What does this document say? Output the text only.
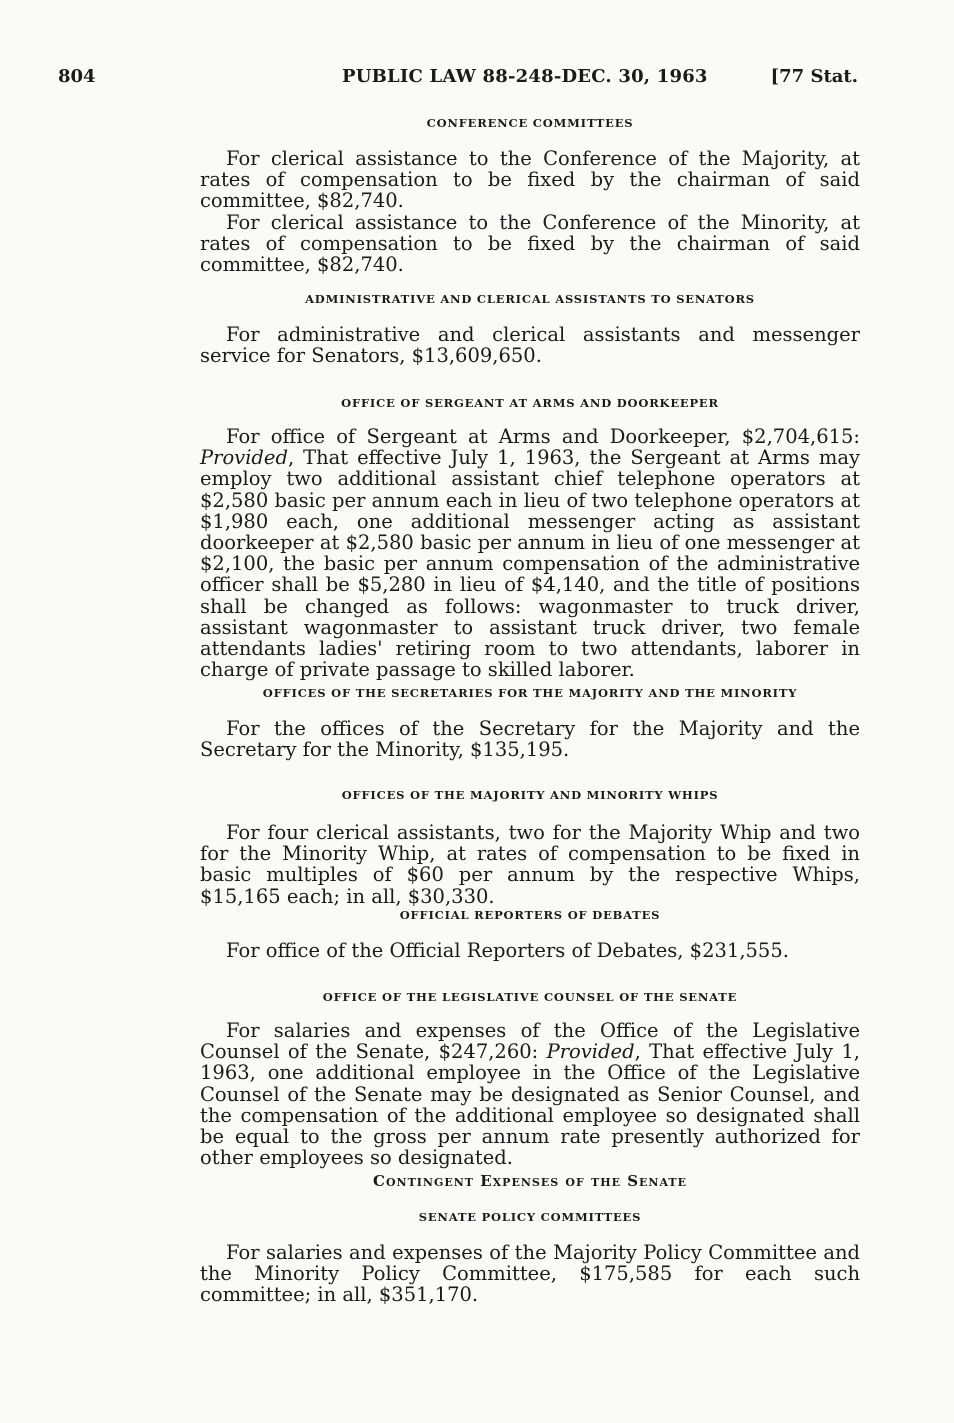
804	PUBLIC LAW 88-248-DEC. 30, 1963	[77 Stat.
CONFERENCE COMMITTEES

For clerical assistance to the Conference of the Majority, at rates of compensation to be fixed by the chairman of said committee, $82,740.

For clerical assistance to the Conference of the Minority, at rates of compensation to be fixed by the chairman of said committee, $82,740.

ADMINISTRATIVE AND CLERICAL ASSISTANTS TO SENATORS

For administrative and clerical assistants and messenger service for Senators, $13,609,650.

OFFICE OF SERGEANT AT ARMS AND DOORKEEPER

For office of Sergeant at Arms and Doorkeeper, $2,704,615: Provided, That effective July 1, 1963, the Sergeant at Arms may employ two additional assistant chief telephone operators at $2,580 basic per annum each in lieu of two telephone operators at $1,980 each, one additional messenger acting as assistant doorkeeper at $2,580 basic per annum in lieu of one messenger at $2,100, the basic per annum compensation of the administrative officer shall be $5,280 in lieu of $4,140, and the title of positions shall be changed as follows: wagonmaster to truck driver, assistant wagonmaster to assistant truck driver, two female attendants ladies' retiring room to two attendants, laborer in charge of private passage to skilled laborer.

OFFICES OF THE SECRETARIES FOR THE MAJORITY AND THE MINORITY

For the offices of the Secretary for the Majority and the Secretary for the Minority, $135,195.

OFFICES OF THE MAJORITY AND MINORITY WHIPS

For four clerical assistants, two for the Majority Whip and two for the Minority Whip, at rates of compensation to be fixed in basic multiples of $60 per annum by the respective Whips, $15,165 each; in all, $30,330.

OFFICIAL REPORTERS OF DEBATES

For office of the Official Reporters of Debates, $231,555.

OFFICE OF THE LEGISLATIVE COUNSEL OF THE SENATE

For salaries and expenses of the Office of the Legislative Counsel of the Senate, $247,260: Provided, That effective July 1, 1963, one additional employee in the Office of the Legislative Counsel of the Senate may be designated as Senior Counsel, and the compensation of the additional employee so designated shall be equal to the gross per annum rate presently authorized for other employees so designated.

Contingent Expenses of the Senate
SENATE POLICY COMMITTEES

For salaries and expenses of the Majority Policy Committee and the Minority Policy Committee, $175,585 for each such committee; in all, $351,170.
